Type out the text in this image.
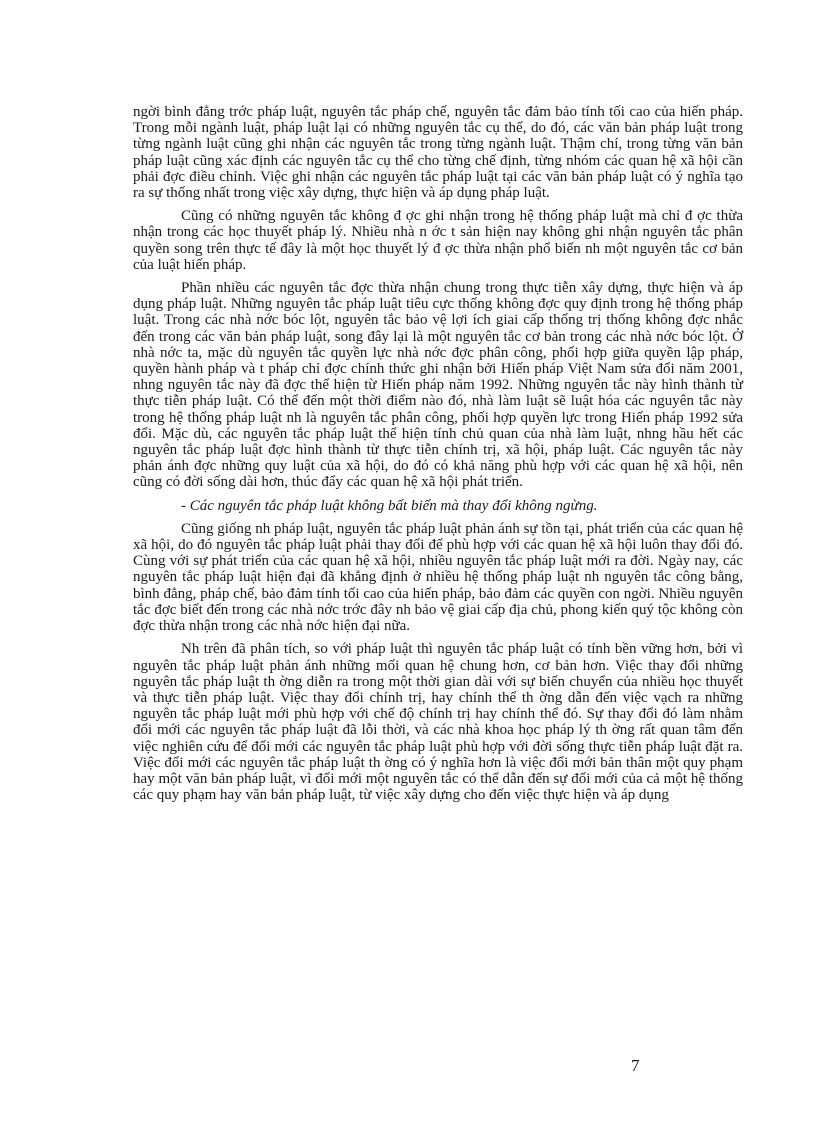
ngời bình đẳng trớc pháp luật, nguyên tắc pháp chế, nguyên tắc đảm bảo tính tối cao của hiến pháp. Trong mỗi ngành luật, pháp luật lại có những nguyên tắc cụ thể, do đó, các văn bản pháp luật trong từng ngành luật cũng ghi nhận các nguyên tắc trong từng ngành luật. Thậm chí, trong từng văn bản pháp luật cũng xác định các nguyên tắc cụ thể cho từng chế định, từng nhóm các quan hệ xã hội cần phải đợc điều chỉnh. Việc ghi nhận các nguyên tắc pháp luật tại các văn bản pháp luật có ý nghĩa tạo ra sự thống nhất trong việc xây dựng, thực hiện và áp dụng pháp luật.

Cũng có những nguyên tắc không đ ợc ghi nhận trong hệ thống pháp luật mà chỉ đ ợc thừa nhận trong các học thuyết pháp lý. Nhiều nhà n ớc t sản hiện nay không ghi nhận nguyên tắc phân quyền song trên thực tế đây là một học thuyết lý đ ợc thừa nhận phổ biến nh một nguyên tắc cơ bản của luật hiến pháp.

Phần nhiều các nguyên tắc đợc thừa nhận chung trong thực tiễn xây dựng, thực hiện và áp dụng pháp luật. Những nguyên tắc pháp luật tiêu cực thống không đợc quy định trong hệ thống pháp luật. Trong các nhà nớc bóc lột, nguyên tắc bảo vệ lợi ích giai cấp thống trị thống không đợc nhắc đến trong các văn bản pháp luật, song đây lại là một nguyên tắc cơ bản trong các nhà nớc bóc lột. Ở nhà nớc ta, mặc dù nguyên tắc quyền lực nhà nớc đợc phân công, phối hợp giữa quyền lập pháp, quyền hành pháp và t pháp chỉ đợc chính thức ghi nhận bởi Hiến pháp Việt Nam sửa đổi năm 2001, nhng nguyên tắc này đã đợc thể hiện từ Hiến pháp năm 1992. Những nguyên tắc này hình thành từ thực tiễn pháp luật. Có thể đến một thời điểm nào đó, nhà làm luật sẽ luật hóa các nguyên tắc này trong hệ thống pháp luật nh là nguyên tắc phân công, phối hợp quyền lực trong Hiến pháp 1992 sửa đổi. Mặc dù, các nguyên tắc pháp luật thể hiện tính chủ quan của nhà làm luật, nhng hầu hết các nguyên tắc pháp luật đợc hình thành từ thực tiễn chính trị, xã hội, pháp luật. Các nguyên tắc này phản ánh đợc những quy luật của xã hội, do đó có khả năng phù hợp với các quan hệ xã hội, nên cũng có đời sống dài hơn, thúc đẩy các quan hệ xã hội phát triển.

- Các nguyên tắc pháp luật không bất biến mà thay đổi không ngừng.

Cũng giống nh pháp luật, nguyên tắc pháp luật phản ánh sự tồn tại, phát triển của các quan hệ xã hội, do đó nguyên tắc pháp luật phải thay đổi để phù hợp với các quan hệ xã hội luôn thay đổi đó. Cùng với sự phát triển của các quan hệ xã hội, nhiều nguyên tắc pháp luật mới ra đời. Ngày nay, các nguyên tắc pháp luật hiện đại đã khẳng định ở nhiều hệ thống pháp luật nh nguyên tắc công bằng, bình đẳng, pháp chế, bảo đảm tính tối cao của hiến pháp, bảo đảm các quyền con ngời. Nhiều nguyên tắc đợc biết đến trong các nhà nớc trớc đây nh bảo vệ giai cấp địa chủ, phong kiến quý tộc không còn đợc thừa nhận trong các nhà nớc hiện đại nữa.

Nh trên đã phân tích, so với pháp luật thì nguyên tắc pháp luật có tính bền vững hơn, bởi vì nguyên tắc pháp luật phản ánh những mối quan hệ chung hơn, cơ bản hơn. Việc thay đổi những nguyên tắc pháp luật th ờng diễn ra trong một thời gian dài với sự biến chuyển của nhiều học thuyết và thực tiễn pháp luật. Việc thay đổi chính trị, hay chính thể th ờng dẫn đến việc vạch ra những nguyên tắc pháp luật mới phù hợp với chế độ chính trị hay chính thể đó. Sự thay đổi đó làm nhằm đổi mới các nguyên tắc pháp luật đã lỗi thời, và các nhà khoa học pháp lý th ờng rất quan tâm đến việc nghiên cứu để đổi mới các nguyên tắc pháp luật phù hợp với đời sống thực tiễn pháp luật đặt ra. Việc đổi mới các nguyên tắc pháp luật th ờng có ý nghĩa hơn là việc đổi mới bản thân một quy phạm hay một văn bản pháp luật, vì đổi mới một nguyên tắc có thể dẫn đến sự đổi mới của cả một hệ thống các quy phạm hay văn bản pháp luật, từ việc xây dựng cho đến việc thực hiện và áp dụng

7
